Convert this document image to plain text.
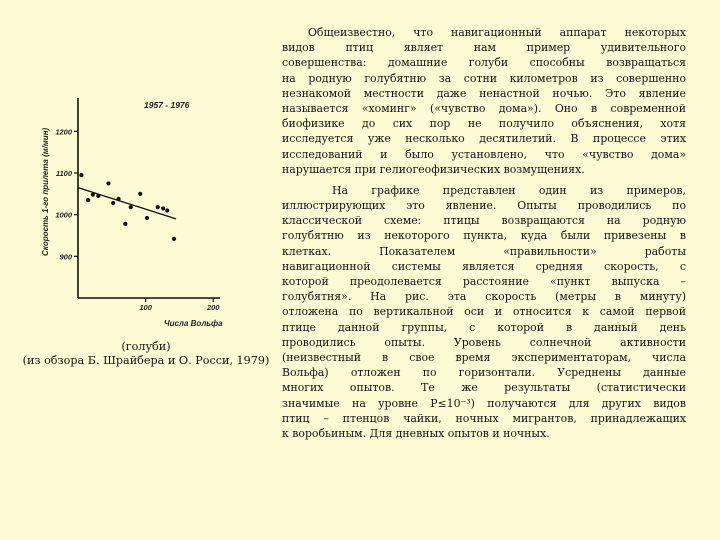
1957 - 1976
Скорость 1-го прилета (м/мин)
900
1000
1100
1200
100	200
Числа Вольфа
(голуби)
(из обзора Б. Шрайбера и О. Росси, 1979)
Общеизвестно, что навигационный аппарат некоторых
видов птиц являет нам пример удивительного
совершенства: домашние голуби способны возвращаться
на родную голубятню за сотни километров из совершенно
незнакомой местности даже ненастной ночью. Это явление
называется «хоминг» («чувство дома»). Оно в современной
биофизике до сих пор не получило объяснения, хотя
исследуется уже несколько десятилетий. В процессе этих
исследований и было установлено, что «чувство дома»
нарушается при гелиогеофизических возмущениях.
На графике представлен один из примеров,
иллюстрирующих это явление. Опыты проводились по
классической схеме: птицы возвращаются на родную
голубятню из некоторого пункта, куда были привезены в
клетках. Показателем «правильности» работы
навигационной системы является средняя скорость, с
которой преодолевается расстояние «пункт выпуска –
голубятня». На рис. эта скорость (метры в минуту)
отложена по вертикальной оси и относится к самой первой
птице данной группы, с которой в данный день
проводились опыты. Уровень солнечной активности
(неизвестный в свое время экспериментаторам, числа
Вольфа) отложен по горизонтали. Усреднены данные
многих опытов. Те же результаты (статистически
значимые на уровне Р≤10⁻³) получаются для других видов
птиц – птенцов чайки, ночных мигрантов, принадлежащих
к воробьиным. Для дневных опытов и ночных.
